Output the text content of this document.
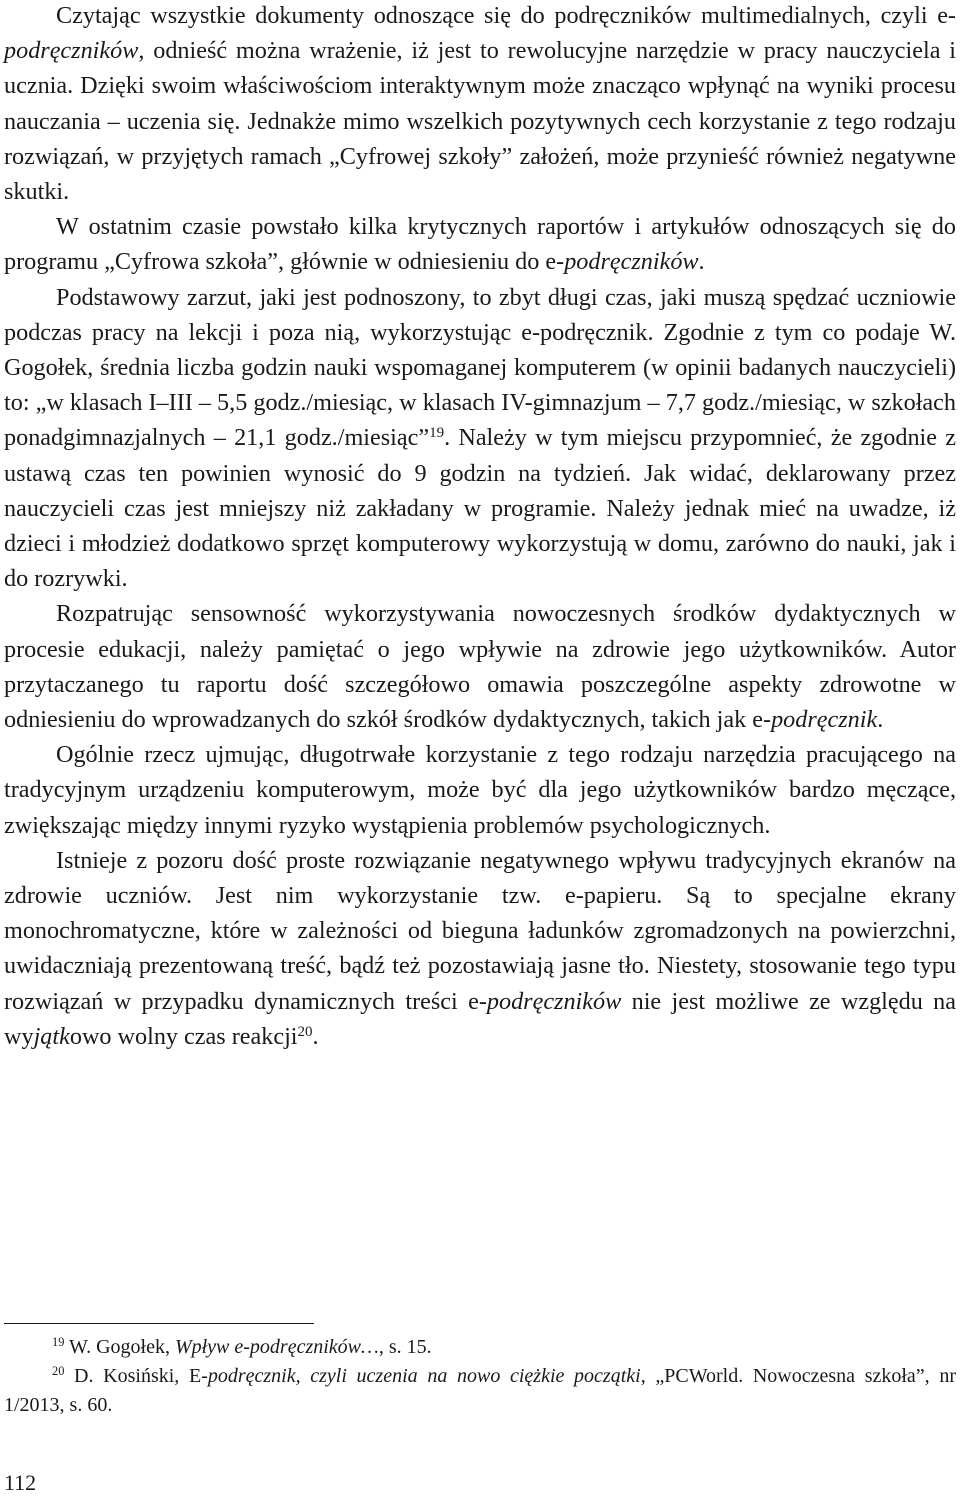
Czytając wszystkie dokumenty odnoszące się do podręczników multimedialnych, czyli e-podręczników, odnieść można wrażenie, iż jest to rewolucyjne narzędzie w pracy nauczyciela i ucznia. Dzięki swoim właściwościom interaktywnym może znacząco wpłynąć na wyniki procesu nauczania – uczenia się. Jednakże mimo wszelkich pozytywnych cech korzystanie z tego rodzaju rozwiązań, w przyjętych ramach „Cyfrowej szkoły” założeń, może przynieść również negatywne skutki.

W ostatnim czasie powstało kilka krytycznych raportów i artykułów odnoszących się do programu „Cyfrowa szkoła”, głównie w odniesieniu do e-podręczników.

Podstawowy zarzut, jaki jest podnoszony, to zbyt długi czas, jaki muszą spędzać uczniowie podczas pracy na lekcji i poza nią, wykorzystując e-podręcznik. Zgodnie z tym co podaje W. Gogołek, średnia liczba godzin nauki wspomaganej komputerem (w opinii badanych nauczycieli) to: „w klasach I–III – 5,5 godz./miesiąc, w klasach IV-gimnazjum – 7,7 godz./miesiąc, w szkołach ponadgimnazjalnych – 21,1 godz./miesiąc”$^{19}$. Należy w tym miejscu przypomnieć, że zgodnie z ustawą czas ten powinien wynosić do 9 godzin na tydzień. Jak widać, deklarowany przez nauczycieli czas jest mniejszy niż zakładany w programie. Należy jednak mieć na uwadze, iż dzieci i młodzież dodatkowo sprzęt komputerowy wykorzystują w domu, zarówno do nauki, jak i do rozrywki.

Rozpatrując sensowność wykorzystywania nowoczesnych środków dydaktycznych w procesie edukacji, należy pamiętać o jego wpływie na zdrowie jego użytkowników. Autor przytaczanego tu raportu dość szczegółowo omawia poszczególne aspekty zdrowotne w odniesieniu do wprowadzanych do szkół środków dydaktycznych, takich jak e-podręcznik.

Ogólnie rzecz ujmując, długotrwałe korzystanie z tego rodzaju narzędzia pracującego na tradycyjnym urządzeniu komputerowym, może być dla jego użytkowników bardzo męczące, zwiększając między innymi ryzyko wystąpienia problemów psychologicznych.

Istnieje z pozoru dość proste rozwiązanie negatywnego wpływu tradycyjnych ekranów na zdrowie uczniów. Jest nim wykorzystanie tzw. e-papieru. Są to specjalne ekrany monochromatyczne, które w zależności od bieguna ładunków zgromadzonych na powierzchni, uwidaczniają prezentowaną treść, bądź też pozostawiają jasne tło. Niestety, stosowanie tego typu rozwiązań w przypadku dynamicznych treści e-podręczników nie jest możliwe ze względu na wyjątkowo wolny czas reakcji$^{20}$.

$^{19}$ W. Gogołek, Wpływ e-podręczników…, s. 15.

$^{20}$ D. Kosiński, E-podręcznik, czyli uczenia na nowo ciężkie początki, „PCWorld. Nowoczesna szkoła”, nr 1/2013, s. 60.

112
